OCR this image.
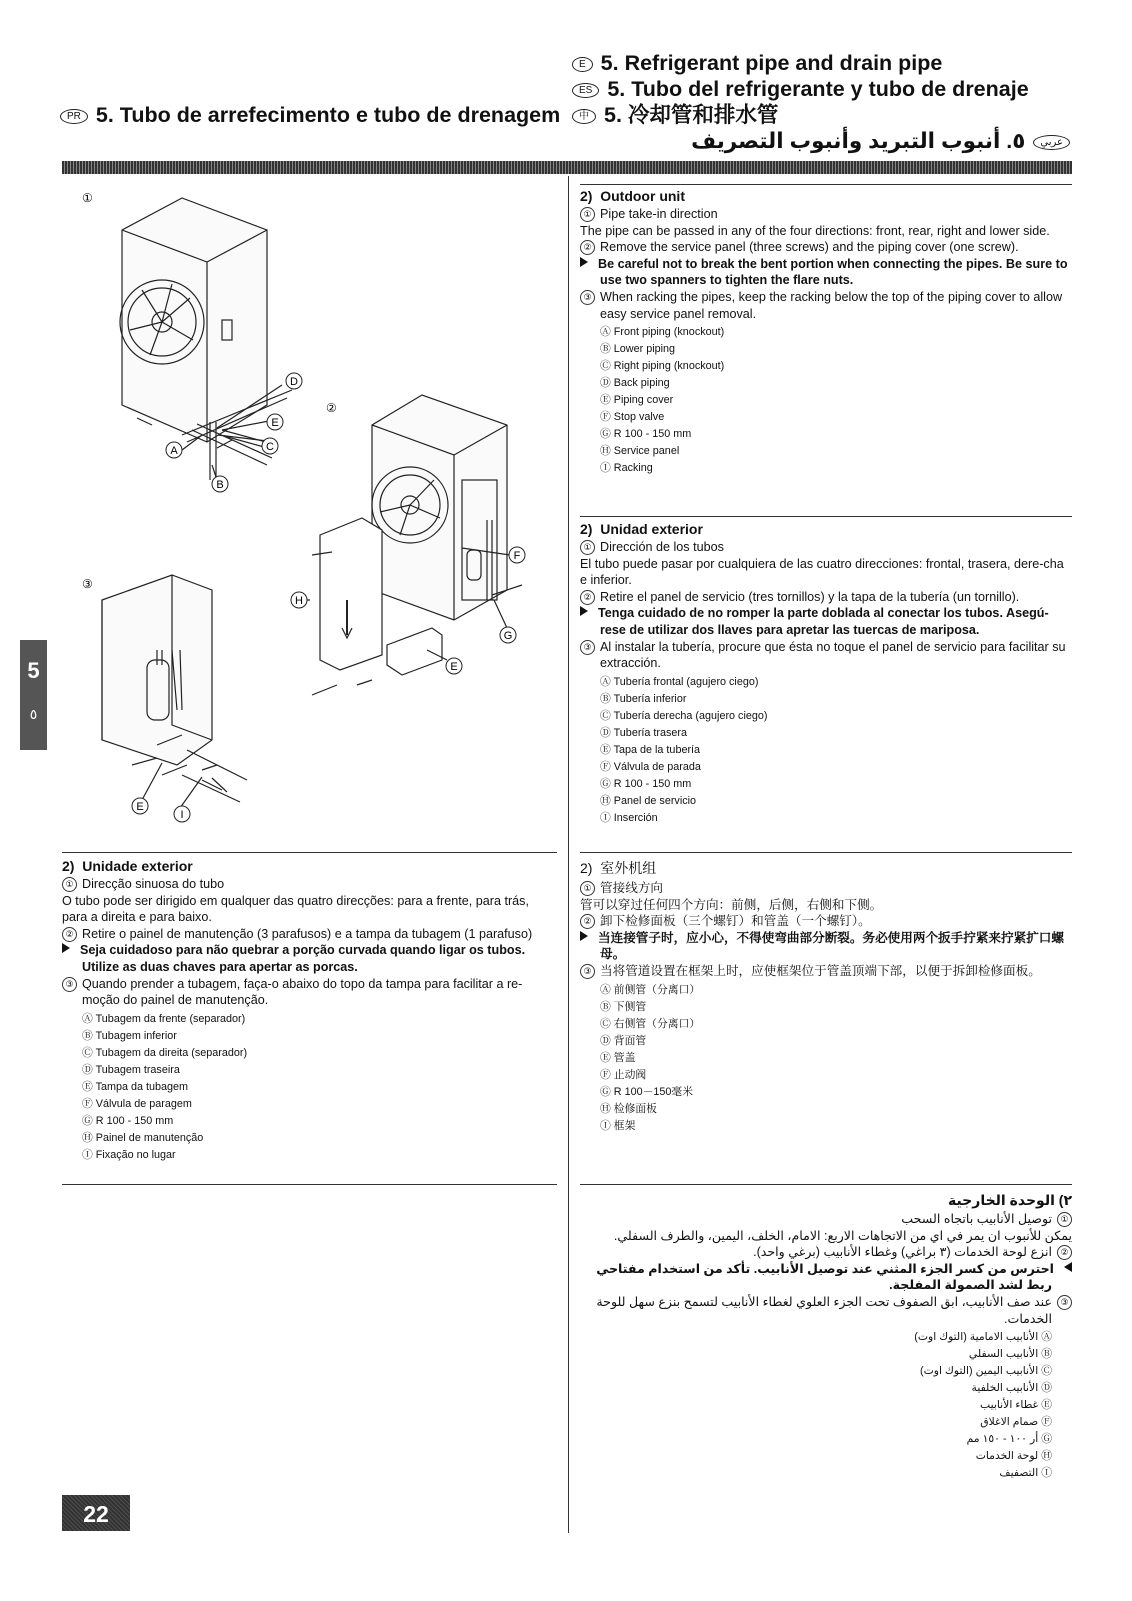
E 5. Refrigerant pipe and drain pipe
ES 5. Tubo del refrigerante y tubo de drenaje
PR 5. Tubo de arrefecimento e tubo de drenagem	中 5. 冷却管和排水管
عربي٥. أنبوب التبريد وأنبوب التصريف
①
②
③
D
E
C
A
B
F
G
H
E
E
I
5
٥
2)  Outdoor unit

① Pipe take-in direction

The pipe can be passed in any of the four directions: front, rear, right and lower side.

② Remove the service panel (three screws) and the piping cover (one screw).

Be careful not to break the bent portion when connecting the pipes. Be sure to use two spanners to tighten the flare nuts.

③ When racking the pipes, keep the racking below the top of the piping cover to allow easy service panel removal.

Ⓐ Front piping (knockout)
Ⓑ Lower piping
Ⓒ Right piping (knockout)
Ⓓ Back piping
Ⓔ Piping cover
Ⓕ Stop valve
Ⓖ R 100 - 150 mm
Ⓗ Service panel
Ⓘ Racking
2)  Unidad exterior

① Dirección de los tubos

El tubo puede pasar por cualquiera de las cuatro direcciones: frontal, trasera, dere-cha e inferior.

② Retire el panel de servicio (tres tornillos) y la tapa de la tubería (un tornillo).

Tenga cuidado de no romper la parte doblada al conectar los tubos. Asegú-rese de utilizar dos llaves para apretar las tuercas de mariposa.

③ Al instalar la tubería, procure que ésta no toque el panel de servicio para facilitar su extracción.

Ⓐ Tubería frontal (agujero ciego)
Ⓑ Tubería inferior
Ⓒ Tubería derecha (agujero ciego)
Ⓓ Tubería trasera
Ⓔ Tapa de la tubería
Ⓕ Válvula de parada
Ⓖ R 100 - 150 mm
Ⓗ Panel de servicio
Ⓘ Inserción
2)  室外机组

① 管接线方向

管可以穿过任何四个方向：前侧，后侧，右侧和下侧。

② 卸下检修面板（三个螺钉）和管盖（一个螺钉）。

当连接管子时，应小心，不得使弯曲部分断裂。务必使用两个扳手拧紧来拧紧扩口螺母。

③ 当将管道设置在框架上时，应使框架位于管盖顶端下部，以便于拆卸检修面板。

Ⓐ 前侧管（分离口）
Ⓑ 下侧管
Ⓒ 右侧管（分离口）
Ⓓ 背面管
Ⓔ 管盖
Ⓕ 止动阀
Ⓖ R 100－150毫米
Ⓗ 检修面板
Ⓘ 框架
٢) الوحدة الخارجية

①توصيل الأنابيب باتجاه السحب

يمكن للأنبوب ان يمر في اي من الاتجاهات الاربع: الامام، الخلف، اليمين، والطرف السفلي.

②انزع لوحة الخدمات (٣ براغي) وغطاء الأنابيب (برغي واحد).

احترس من كسر الجزء المثني عند توصيل الأنابيب. تأكد من استخدام مفتاحي ربط لشد الصمولة المفلجة.

③عند صف الأنابيب، ابق الصفوف تحت الجزء العلوي لغطاء الأنابيب لتسمح بنزع سهل للوحة الخدمات.

Ⓐ الأنابيب الامامية (التوك اوت)
Ⓑ الأنابيب السفلي
Ⓒ الأنابيب اليمين (التوك اوت)
Ⓓ الأنابيب الخلفية
Ⓔ غطاء الأنابيب
Ⓕ صمام الاغلاق
Ⓖ أر ١٠٠ - ١٥٠ مم
Ⓗ لوحة الخدمات
Ⓘ التصفيف
2)  Unidade exterior

① Direcção sinuosa do tubo

O tubo pode ser dirigido em qualquer das quatro direcções: para a frente, para trás, para a direita e para baixo.

② Retire o painel de manutenção (3 parafusos) e a tampa da tubagem (1 parafuso)

Seja cuidadoso para não quebrar a porção curvada quando ligar os tubos. Utilize as duas chaves para apertar as porcas.

③ Quando prender a tubagem, faça-o abaixo do topo da tampa para facilitar a re-moção do painel de manutenção.

Ⓐ Tubagem da frente (separador)
Ⓑ Tubagem inferior
Ⓒ Tubagem da direita (separador)
Ⓓ Tubagem traseira
Ⓔ Tampa da tubagem
Ⓕ Válvula de paragem
Ⓖ R 100 - 150 mm
Ⓗ Painel de manutenção
Ⓘ Fixação no lugar
22
